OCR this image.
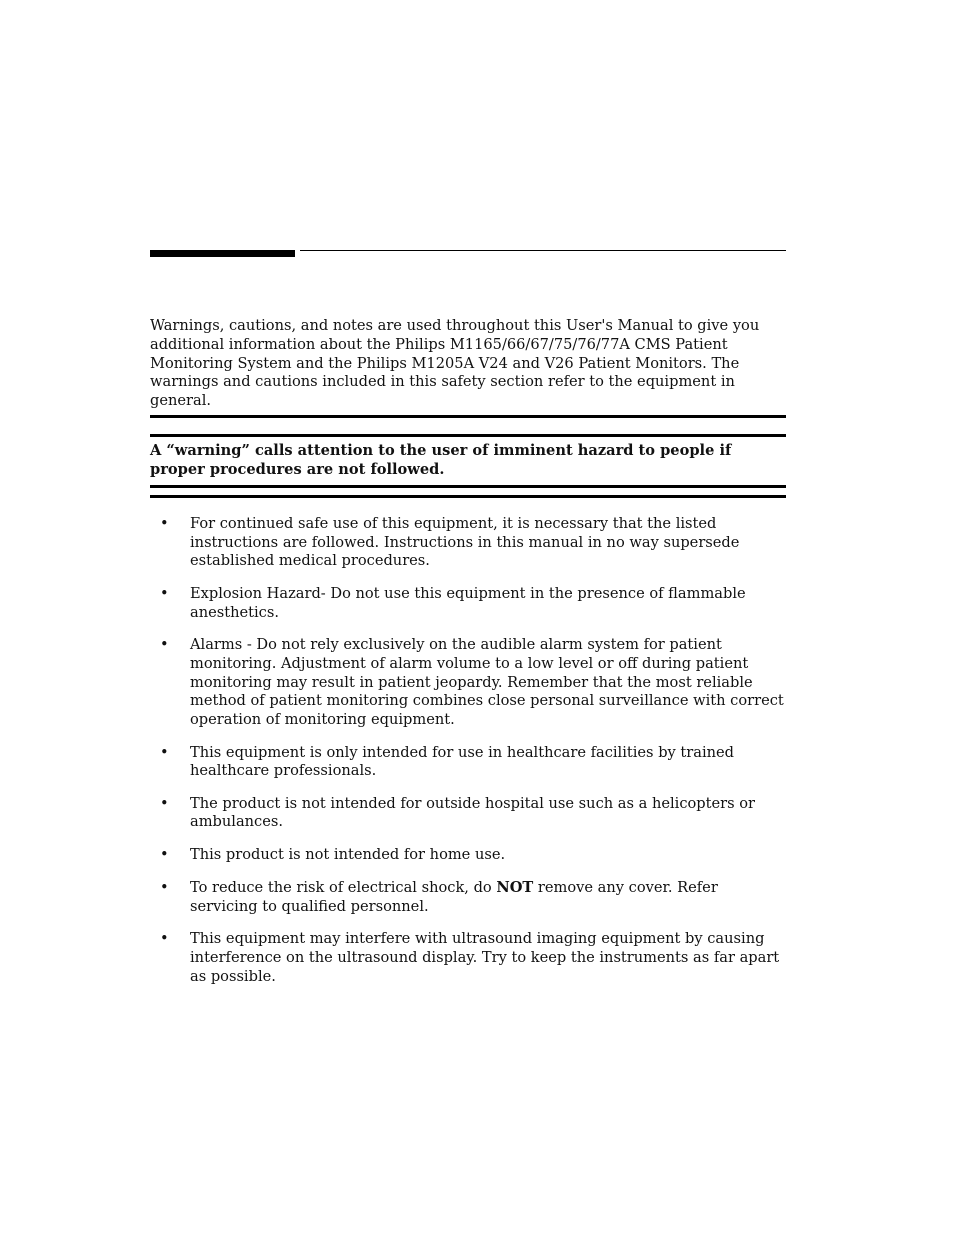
Warnings, cautions, and notes are used throughout this User's Manual to give you additional information about the Philips M1165/66/67/75/76/77A CMS Patient Monitoring System and the Philips M1205A V24 and V26 Patient Monitors. The warnings and cautions included in this safety section refer to the equipment in general.

A “warning” calls attention to the user of imminent hazard to people if proper procedures are not followed.

• For continued safe use of this equipment, it is necessary that the listed instructions are followed. Instructions in this manual in no way supersede established medical procedures.
• Explosion Hazard- Do not use this equipment in the presence of flammable anesthetics.
• Alarms - Do not rely exclusively on the audible alarm system for patient monitoring. Adjustment of alarm volume to a low level or off during patient monitoring may result in patient jeopardy. Remember that the most reliable method of patient monitoring combines close personal surveillance with correct operation of monitoring equipment.
• This equipment is only intended for use in healthcare facilities by trained healthcare professionals.
• The product is not intended for outside hospital use such as a helicopters or ambulances.
• This product is not intended for home use.
• To reduce the risk of electrical shock, do NOT remove any cover. Refer servicing to qualified personnel.
• This equipment may interfere with ultrasound imaging equipment by causing interference on the ultrasound display. Try to keep the instruments as far apart as possible.
